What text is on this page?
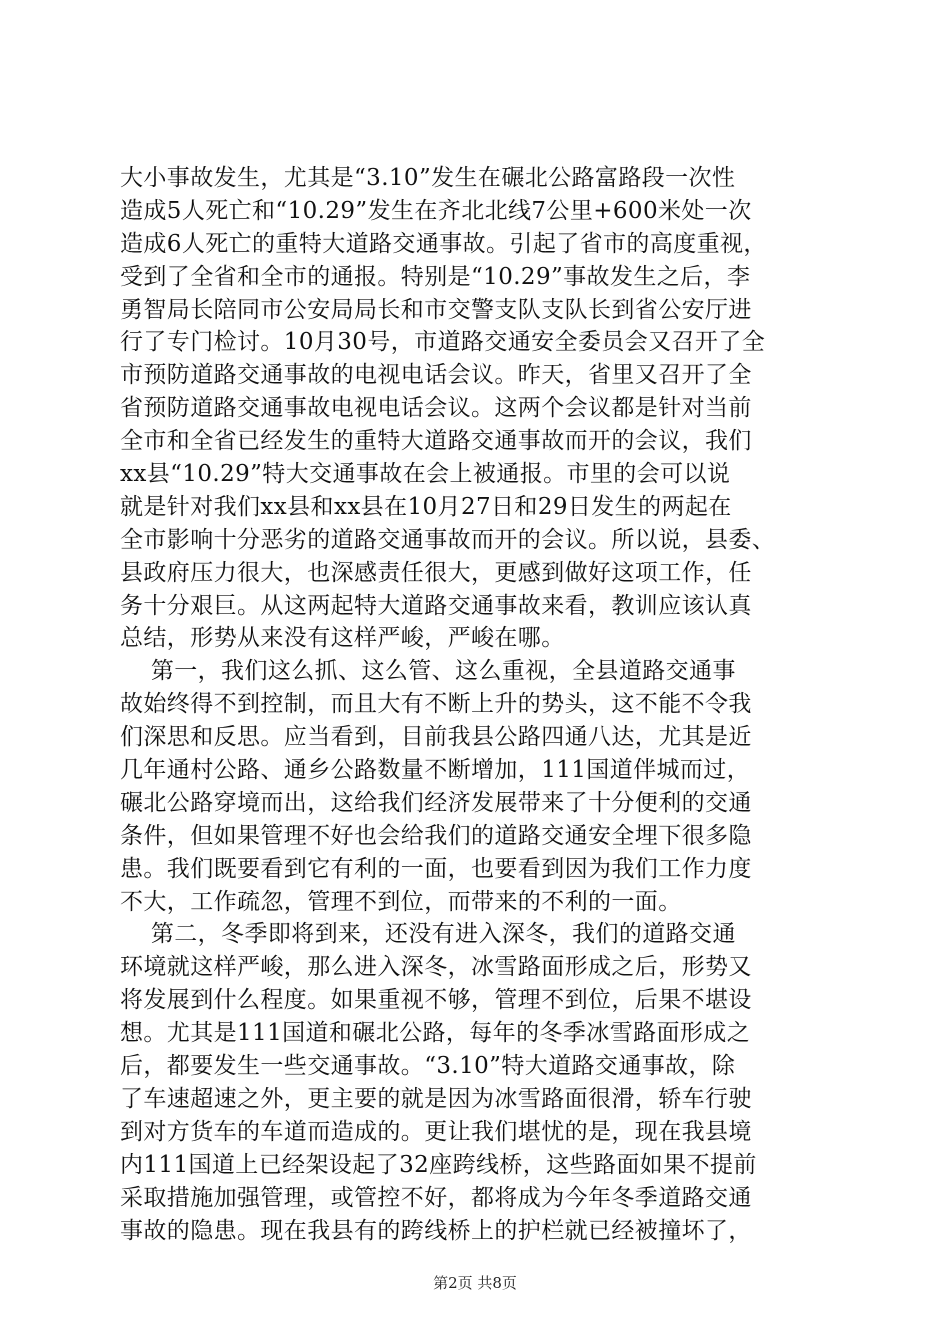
大小事故发生，尤其是“3.10”发生在碾北公路富路段一次性
造成5人死亡和“10.29”发生在齐北北线7公里+600米处一次
造成6人死亡的重特大道路交通事故。引起了省市的高度重视，
受到了全省和全市的通报。特别是“10.29”事故发生之后，李
勇智局长陪同市公安局局长和市交警支队支队长到省公安厅进
行了专门检讨。10月30号，市道路交通安全委员会又召开了全
市预防道路交通事故的电视电话会议。昨天，省里又召开了全
省预防道路交通事故电视电话会议。这两个会议都是针对当前
全市和全省已经发生的重特大道路交通事故而开的会议，我们
xx县“10.29”特大交通事故在会上被通报。市里的会可以说
就是针对我们xx县和xx县在10月27日和29日发生的两起在
全市影响十分恶劣的道路交通事故而开的会议。所以说，县委、
县政府压力很大，也深感责任很大，更感到做好这项工作，任
务十分艰巨。从这两起特大道路交通事故来看，教训应该认真
总结，形势从来没有这样严峻，严峻在哪。
第一，我们这么抓、这么管、这么重视，全县道路交通事
故始终得不到控制，而且大有不断上升的势头，这不能不令我
们深思和反思。应当看到，目前我县公路四通八达，尤其是近
几年通村公路、通乡公路数量不断增加，111国道伴城而过，
碾北公路穿境而出，这给我们经济发展带来了十分便利的交通
条件，但如果管理不好也会给我们的道路交通安全埋下很多隐
患。我们既要看到它有利的一面，也要看到因为我们工作力度
不大，工作疏忽，管理不到位，而带来的不利的一面。
第二，冬季即将到来，还没有进入深冬，我们的道路交通
环境就这样严峻，那么进入深冬，冰雪路面形成之后，形势又
将发展到什么程度。如果重视不够，管理不到位，后果不堪设
想。尤其是111国道和碾北公路，每年的冬季冰雪路面形成之
后，都要发生一些交通事故。“3.10”特大道路交通事故，除
了车速超速之外，更主要的就是因为冰雪路面很滑，轿车行驶
到对方货车的车道而造成的。更让我们堪忧的是，现在我县境
内111国道上已经架设起了32座跨线桥，这些路面如果不提前
采取措施加强管理，或管控不好，都将成为今年冬季道路交通
事故的隐患。现在我县有的跨线桥上的护栏就已经被撞坏了，
第2页 共8页
